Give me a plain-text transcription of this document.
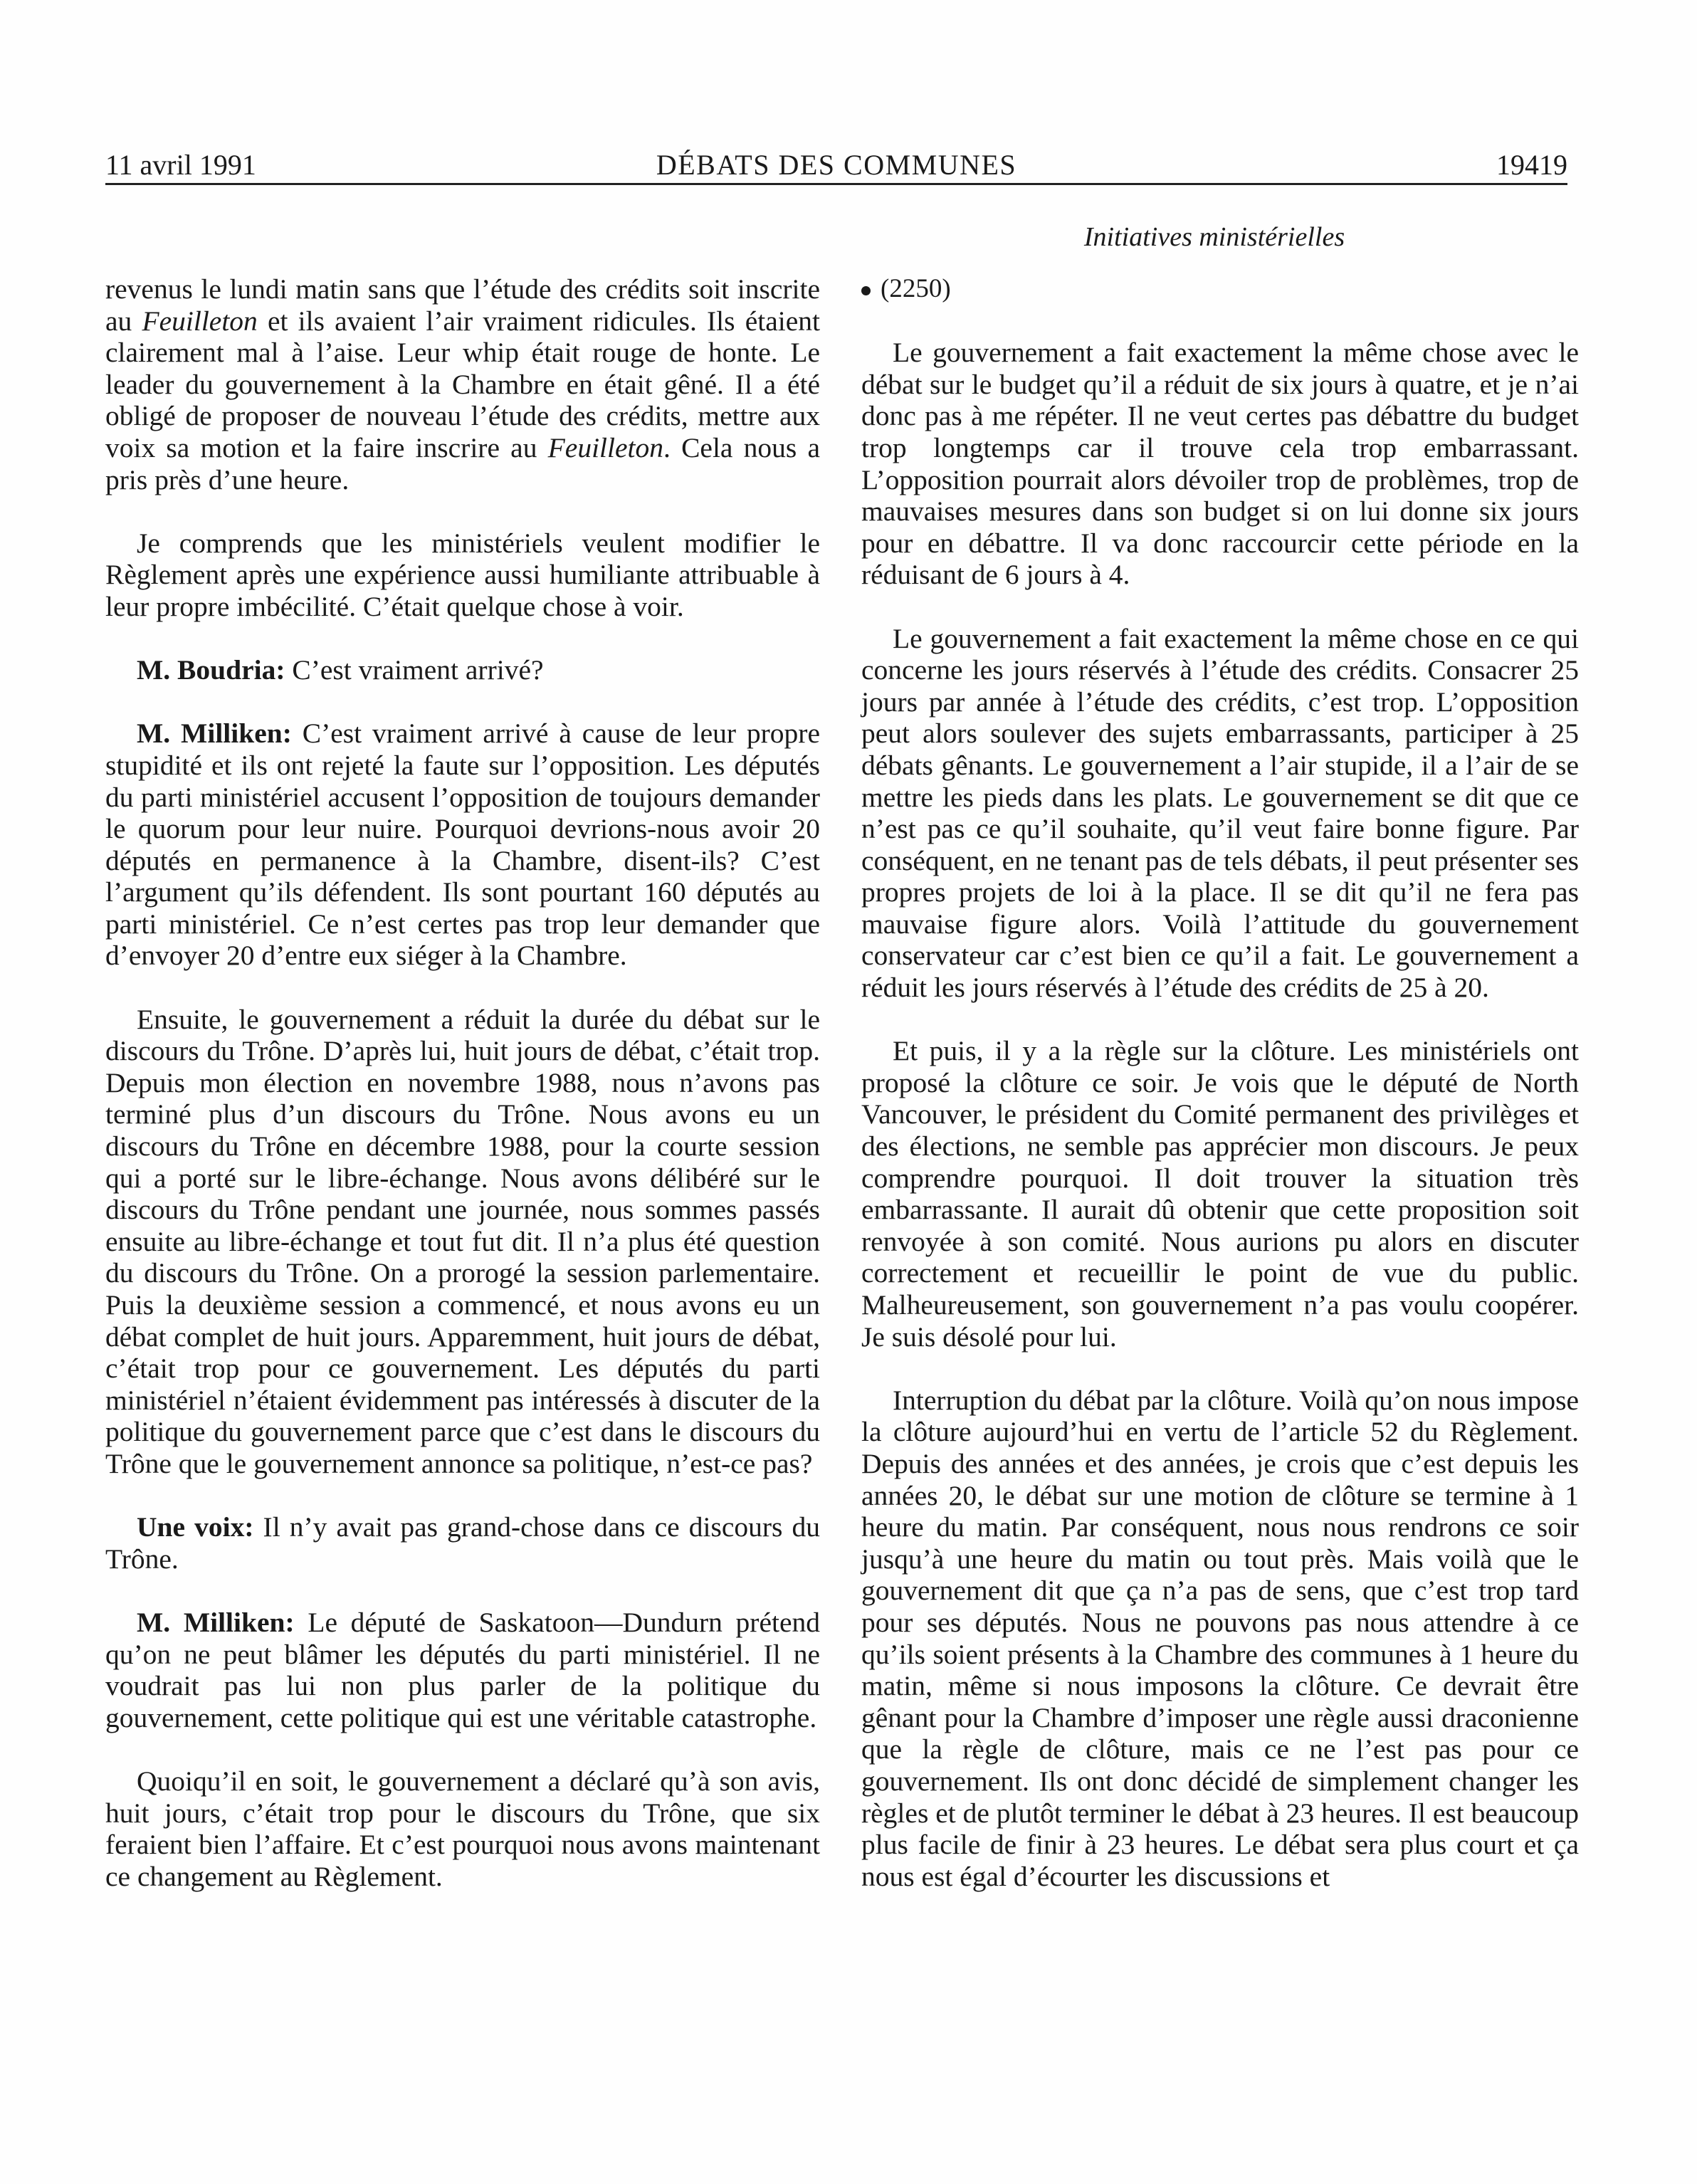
11 avril 1991	DÉBATS DES COMMUNES	19419
Initiatives ministérielles

revenus le lundi matin sans que l’étude des crédits soit inscrite au Feuilleton et ils avaient l’air vraiment ridicules. Ils étaient clairement mal à l’aise. Leur whip était rouge de honte. Le leader du gouvernement à la Chambre en était gêné. Il a été obligé de proposer de nouveau l’étude des crédits, mettre aux voix sa motion et la faire inscrire au Feuilleton. Cela nous a pris près d’une heure.

Je comprends que les ministériels veulent modifier le Règlement après une expérience aussi humiliante attribuable à leur propre imbécilité. C’était quelque chose à voir.

M. Boudria: C’est vraiment arrivé?

M. Milliken: C’est vraiment arrivé à cause de leur propre stupidité et ils ont rejeté la faute sur l’opposition. Les députés du parti ministériel accusent l’opposition de toujours demander le quorum pour leur nuire. Pourquoi devrions-nous avoir 20 députés en permanence à la Chambre, disent-ils? C’est l’argument qu’ils défendent. Ils sont pourtant 160 députés au parti ministériel. Ce n’est certes pas trop leur demander que d’envoyer 20 d’entre eux siéger à la Chambre.

Ensuite, le gouvernement a réduit la durée du débat sur le discours du Trône. D’après lui, huit jours de débat, c’était trop. Depuis mon élection en novembre 1988, nous n’avons pas terminé plus d’un discours du Trône. Nous avons eu un discours du Trône en décembre 1988, pour la courte session qui a porté sur le libre-échange. Nous avons délibéré sur le discours du Trône pendant une journée, nous sommes passés ensuite au libre-échange et tout fut dit. Il n’a plus été question du discours du Trône. On a prorogé la session parlementaire. Puis la deuxième session a commencé, et nous avons eu un débat complet de huit jours. Apparemment, huit jours de débat, c’était trop pour ce gouvernement. Les députés du parti ministériel n’étaient évidemment pas intéressés à discuter de la politique du gouvernement parce que c’est dans le discours du Trône que le gouvernement annonce sa politique, n’est-ce pas?

Une voix: Il n’y avait pas grand-chose dans ce discours du Trône.

M. Milliken: Le député de Saskatoon—Dundurn prétend qu’on ne peut blâmer les députés du parti ministériel. Il ne voudrait pas lui non plus parler de la politique du gouvernement, cette politique qui est une véritable catastrophe.

Quoiqu’il en soit, le gouvernement a déclaré qu’à son avis, huit jours, c’était trop pour le discours du Trône, que six feraient bien l’affaire. Et c’est pourquoi nous avons maintenant ce changement au Règlement.

(2250)

Le gouvernement a fait exactement la même chose avec le débat sur le budget qu’il a réduit de six jours à quatre, et je n’ai donc pas à me répéter. Il ne veut certes pas débattre du budget trop longtemps car il trouve cela trop embarrassant. L’opposition pourrait alors dévoiler trop de problèmes, trop de mauvaises mesures dans son budget si on lui donne six jours pour en débattre. Il va donc raccourcir cette période en la réduisant de 6 jours à 4.

Le gouvernement a fait exactement la même chose en ce qui concerne les jours réservés à l’étude des crédits. Consacrer 25 jours par année à l’étude des crédits, c’est trop. L’opposition peut alors soulever des sujets embarrassants, participer à 25 débats gênants. Le gouvernement a l’air stupide, il a l’air de se mettre les pieds dans les plats. Le gouvernement se dit que ce n’est pas ce qu’il souhaite, qu’il veut faire bonne figure. Par conséquent, en ne tenant pas de tels débats, il peut présenter ses propres projets de loi à la place. Il se dit qu’il ne fera pas mauvaise figure alors. Voilà l’attitude du gouvernement conservateur car c’est bien ce qu’il a fait. Le gouvernement a réduit les jours réservés à l’étude des crédits de 25 à 20.

Et puis, il y a la règle sur la clôture. Les ministériels ont proposé la clôture ce soir. Je vois que le député de North Vancouver, le président du Comité permanent des privilèges et des élections, ne semble pas apprécier mon discours. Je peux comprendre pourquoi. Il doit trouver la situation très embarrassante. Il aurait dû obtenir que cette proposition soit renvoyée à son comité. Nous aurions pu alors en discuter correctement et recueillir le point de vue du public. Malheureusement, son gouvernement n’a pas voulu coopérer. Je suis désolé pour lui.

Interruption du débat par la clôture. Voilà qu’on nous impose la clôture aujourd’hui en vertu de l’article 52 du Règlement. Depuis des années et des années, je crois que c’est depuis les années 20, le débat sur une motion de clôture se termine à 1 heure du matin. Par conséquent, nous nous rendrons ce soir jusqu’à une heure du matin ou tout près. Mais voilà que le gouvernement dit que ça n’a pas de sens, que c’est trop tard pour ses députés. Nous ne pouvons pas nous attendre à ce qu’ils soient présents à la Chambre des communes à 1 heure du matin, même si nous imposons la clôture. Ce devrait être gênant pour la Chambre d’imposer une règle aussi draconienne que la règle de clôture, mais ce ne l’est pas pour ce gouvernement. Ils ont donc décidé de simplement changer les règles et de plutôt terminer le débat à 23 heures. Il est beaucoup plus facile de finir à 23 heures. Le débat sera plus court et ça nous est égal d’écourter les discussions et
